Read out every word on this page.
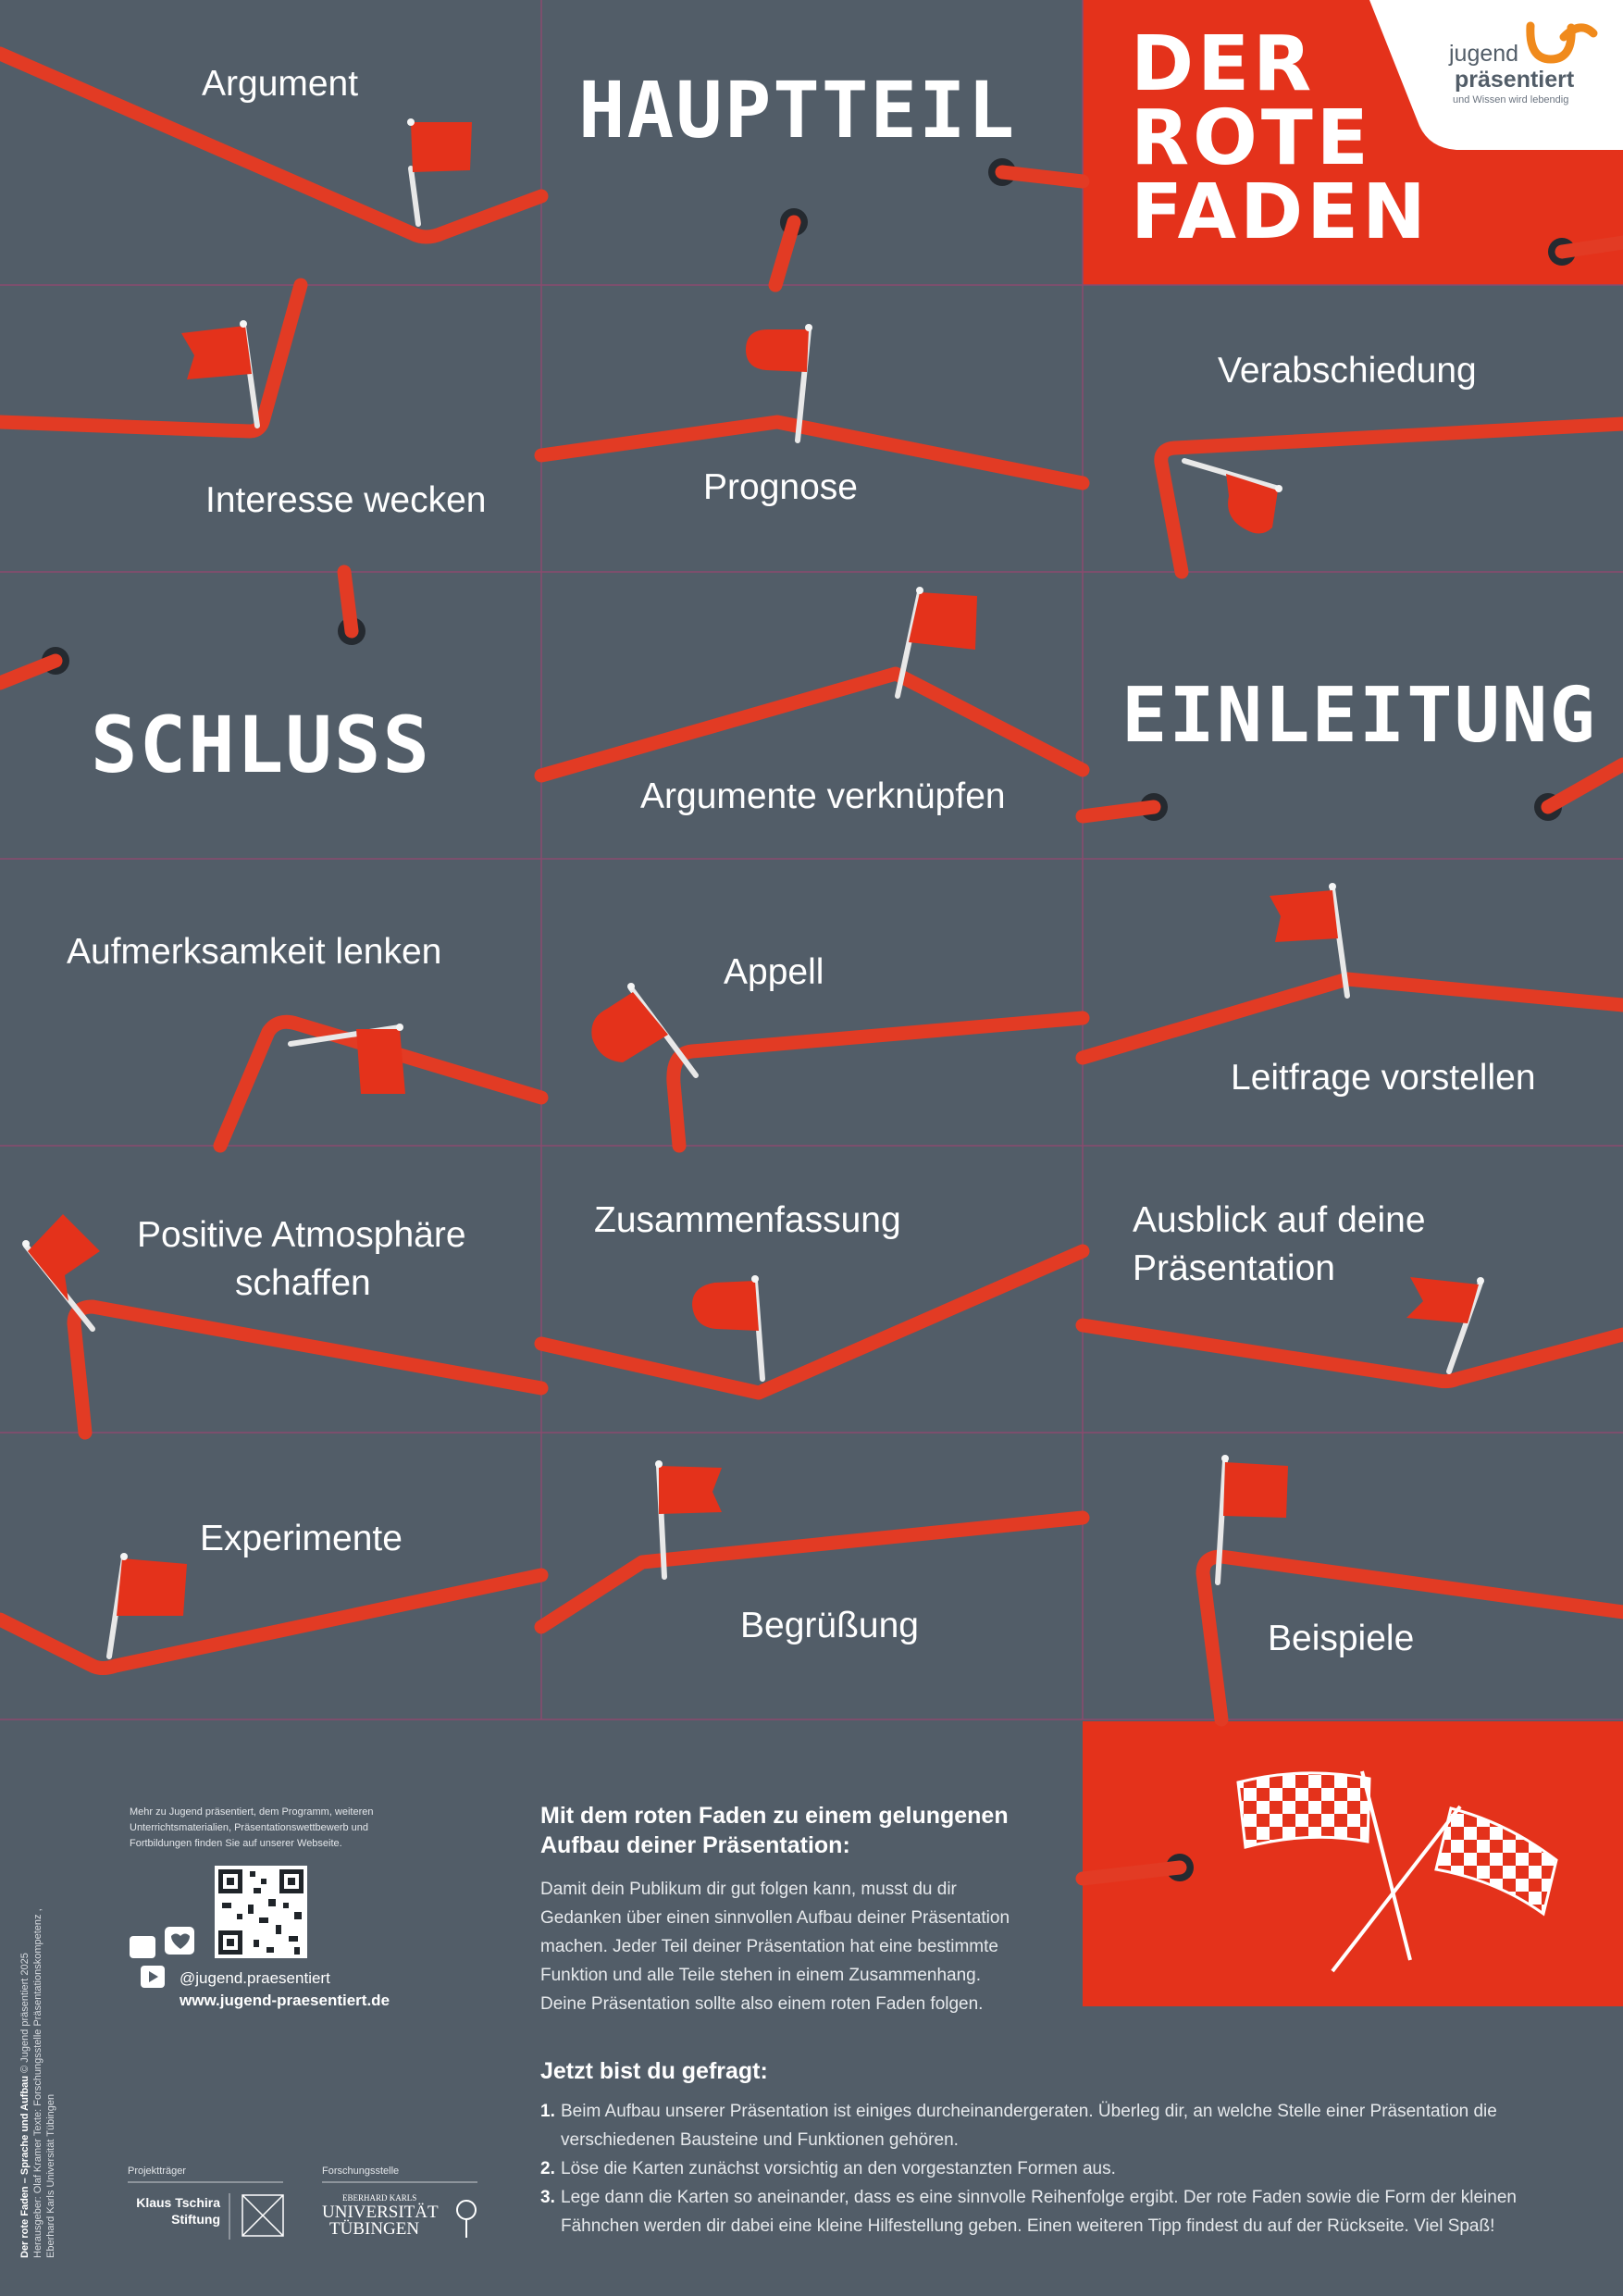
DER
ROTE
FADEN
jugend
präsentiert
und Wissen wird lebendig
HAUPTTEIL
SCHLUSS	EINLEITUNG
Argument
Interesse wecken	Prognose
Verabschiedung
Argumente verknüpfen
Aufmerksamkeit lenken
Appell
Leitfrage vorstellen
Positive Atmosphäre
schaffen
Zusammenfassung	Ausblick auf deine
Präsentation
Experimente
Begrüßung	Beispiele
Mehr zu Jugend präsentiert, dem Programm, weiteren Unterrichtsmaterialien, Präsentationswettbewerb und Fortbildungen finden Sie auf unserer Webseite.
@jugend.praesentiert
www.jugend-praesentiert.de
Projektträger	Forschungsstelle
Klaus Tschira
Stiftung
EBERHARD KARLS
UNIVERSITÄT
TÜBINGEN
Der rote Faden – Sprache und Aufbau © Jugend präsentiert 2025 Herausgeber: Olaf Kramer Texte: Forschungsstelle Präsentationskompetenz , Eberhard Karls Universität Tübingen
Mit dem roten Faden zu einem gelungenen
Aufbau deiner Präsentation:
Damit dein Publikum dir gut folgen kann, musst du dir
Gedanken über einen sinnvollen Aufbau deiner Präsentation
machen. Jeder Teil deiner Präsentation hat eine bestimmte
Funktion und alle Teile stehen in einem Zusammenhang.
Deine Präsentation sollte also einem roten Faden folgen.
Jetzt bist du gefragt:
1. Beim Aufbau unserer Präsentation ist einiges durcheinandergeraten. Überleg dir, an welche Stelle einer Präsentation die verschiedenen Bausteine und Funktionen gehören.
2. Löse die Karten zunächst vorsichtig an den vorgestanzten Formen aus.
3. Lege dann die Karten so aneinander, dass es eine sinnvolle Reihenfolge ergibt. Der rote Faden sowie die Form der kleinen Fähnchen werden dir dabei eine kleine Hilfestellung geben. Einen weiteren Tipp findest du auf der Rückseite. Viel Spaß!
